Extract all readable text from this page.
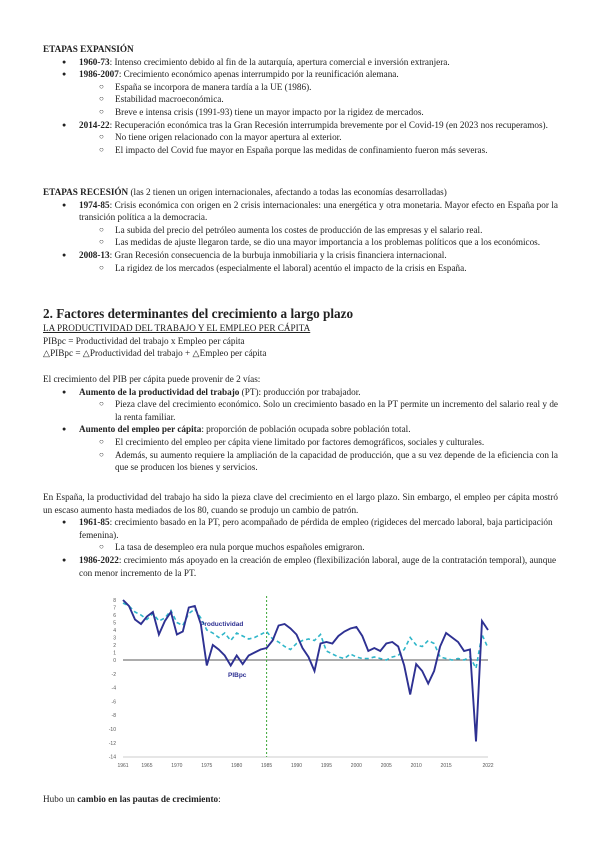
ETAPAS EXPANSIÓN

● 1960-73: Intenso crecimiento debido al fin de la autarquía, apertura comercial e inversión extranjera.
● 1986-2007: Crecimiento económico apenas interrumpido por la reunificación alemana.
○ España se incorpora de manera tardía a la UE (1986).
○ Estabilidad macroeconómica.
○ Breve e intensa crisis (1991-93) tiene un mayor impacto por la rigidez de mercados.
● 2014-22: Recuperación económica tras la Gran Recesión interrumpida brevemente por el Covid-19 (en 2023 nos recuperamos).
○ No tiene origen relacionado con la mayor apertura al exterior.
○ El impacto del Covid fue mayor en España porque las medidas de confinamiento fueron más severas.

ETAPAS RECESIÓN (las 2 tienen un origen internacionales, afectando a todas las economías desarrolladas)

● 1974-85: Crisis económica con origen en 2 crisis internacionales: una energética y otra monetaria. Mayor efecto en España por la transición política a la democracia.
○ La subida del precio del petróleo aumenta los costes de producción de las empresas y el salario real.
○ Las medidas de ajuste llegaron tarde, se dio una mayor importancia a los problemas políticos que a los económicos.
● 2008-13: Gran Recesión consecuencia de la burbuja inmobiliaria y la crisis financiera internacional.
○ La rigidez de los mercados (especialmente el laboral) acentúo el impacto de la crisis en España.
2. Factores determinantes del crecimiento a largo plazo

LA PRODUCTIVIDAD DEL TRABAJO Y EL EMPLEO PER CÁPITA

PIBpc = Productividad del trabajo x Empleo per cápita

△PIBpc = △Productividad del trabajo + △Empleo per cápita

El crecimiento del PIB per cápita puede provenir de 2 vías:

● Aumento de la productividad del trabajo (PT): producción por trabajador.
○ Pieza clave del crecimiento económico. Solo un crecimiento basado en la PT permite un incremento del salario real y de la renta familiar.
● Aumento del empleo per cápita: proporción de población ocupada sobre población total.
○ El crecimiento del empleo per cápita viene limitado por factores demográficos, sociales y culturales.
○ Además, su aumento requiere la ampliación de la capacidad de producción, que a su vez depende de la eficiencia con la que se producen los bienes y servicios.

En España, la productividad del trabajo ha sido la pieza clave del crecimiento en el largo plazo. Sin embargo, el empleo per cápita mostró un escaso aumento hasta mediados de los 80, cuando se produjo un cambio de patrón.

● 1961-85: crecimiento basado en la PT, pero acompañado de pérdida de empleo (rigideces del mercado laboral, baja participación femenina).
○ La tasa de desempleo era nula porque muchos españoles emigraron.
● 1986-2022: crecimiento más apoyado en la creación de empleo (flexibilización laboral, auge de la contratación temporal), aunque con menor incremento de la PT.
8
7
6
5
4
3
2
1
0
-2
-4
-6
-8
-10
-12
-14
1961	1965	1970	1975	1980	1985	1990	1995	2000	2005	2010	2015	2022
Productividad
PIBpc

Hubo un cambio en las pautas de crecimiento:
